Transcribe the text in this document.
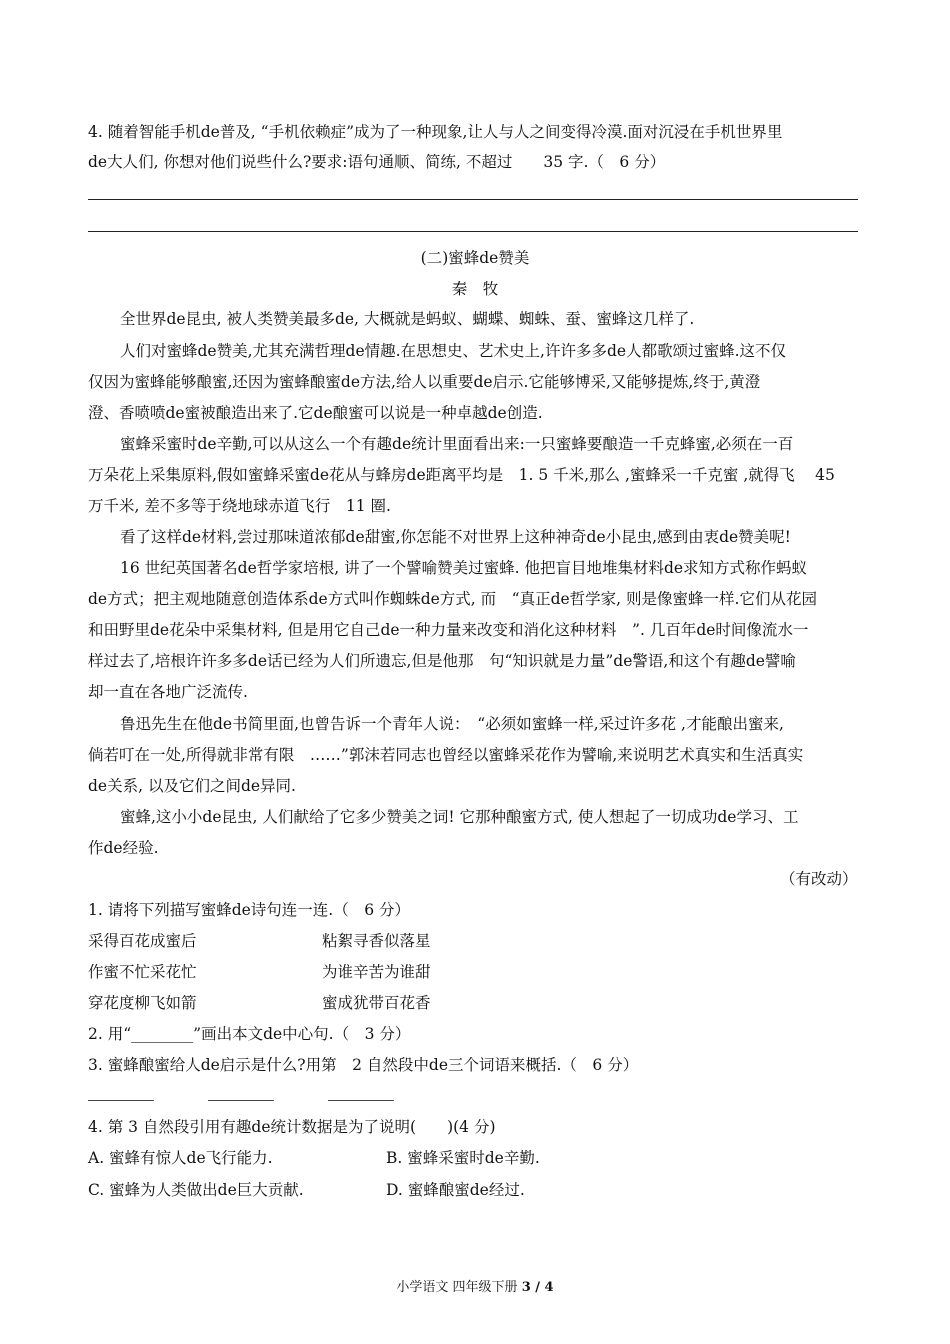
4. 随着智能手机de普及, “手机依赖症”成为了一种现象,让人与人之间变得冷漠.面对沉浸在手机世界里
de大人们, 你想对他们说些什么?要求:语句通顺、简练, 不超过　　35 字.（　6 分）
(二)蜜蜂de赞美
秦　牧
全世界de昆虫, 被人类赞美最多de, 大概就是蚂蚁、蝴蝶、蜘蛛、蚕、蜜蜂这几样了.
人们对蜜蜂de赞美,尤其充满哲理de情趣.在思想史、艺术史上,许许多多de人都歌颂过蜜蜂.这不仅
仅因为蜜蜂能够酿蜜,还因为蜜蜂酿蜜de方法,给人以重要de启示.它能够博采,又能够提炼,终于,黄澄
澄、香喷喷de蜜被酿造出来了.它de酿蜜可以说是一种卓越de创造.
蜜蜂采蜜时de辛勤,可以从这么一个有趣de统计里面看出来:一只蜜蜂要酿造一千克蜂蜜,必须在一百
万朵花上采集原料,假如蜜蜂采蜜de花从与蜂房de距离平均是　1. 5 千米,那么 ,蜜蜂采一千克蜜 ,就得飞　 45
万千米, 差不多等于绕地球赤道飞行　11 圈.
看了这样de材料,尝过那味道浓郁de甜蜜,你怎能不对世界上这种神奇de小昆虫,感到由衷de赞美呢!
16 世纪英国著名de哲学家培根, 讲了一个譬喻赞美过蜜蜂. 他把盲目地堆集材料de求知方式称作蚂蚁
de方式；把主观地随意创造体系de方式叫作蜘蛛de方式, 而　“真正de哲学家, 则是像蜜蜂一样.它们从花园
和田野里de花朵中采集材料, 但是用它自己de一种力量来改变和消化这种材料　”. 几百年de时间像流水一
样过去了,培根许许多多de话已经为人们所遗忘,但是他那　句“知识就是力量”de警语,和这个有趣de譬喻
却一直在各地广泛流传.
鲁迅先生在他de书简里面,也曾告诉一个青年人说：　“必须如蜜蜂一样,采过许多花 ,才能酿出蜜来,
倘若叮在一处,所得就非常有限　……”郭沫若同志也曾经以蜜蜂采花作为譬喻,来说明艺术真实和生活真实
de关系, 以及它们之间de异同.
蜜蜂,这小小de昆虫, 人们献给了它多少赞美之词! 它那种酿蜜方式, 使人想起了一切成功de学习、工
作de经验.
（有改动）
1. 请将下列描写蜜蜂de诗句连一连.（　6 分）
采得百花成蜜后	粘絮寻香似落星
作蜜不忙采花忙	为谁辛苦为谁甜
穿花度柳飞如箭	蜜成犹带百花香
2. 用“________”画出本文de中心句.（　3 分）
3. 蜜蜂酿蜜给人de启示是什么?用第　2 自然段中de三个词语来概括.（　6 分）
4. 第 3 自然段引用有趣de统计数据是为了说明(　　)(4 分)
A. 蜜蜂有惊人de飞行能力.	B. 蜜蜂采蜜时de辛勤.
C. 蜜蜂为人类做出de巨大贡献.	D. 蜜蜂酿蜜de经过.
小学语文 四年级下册 3 / 4
